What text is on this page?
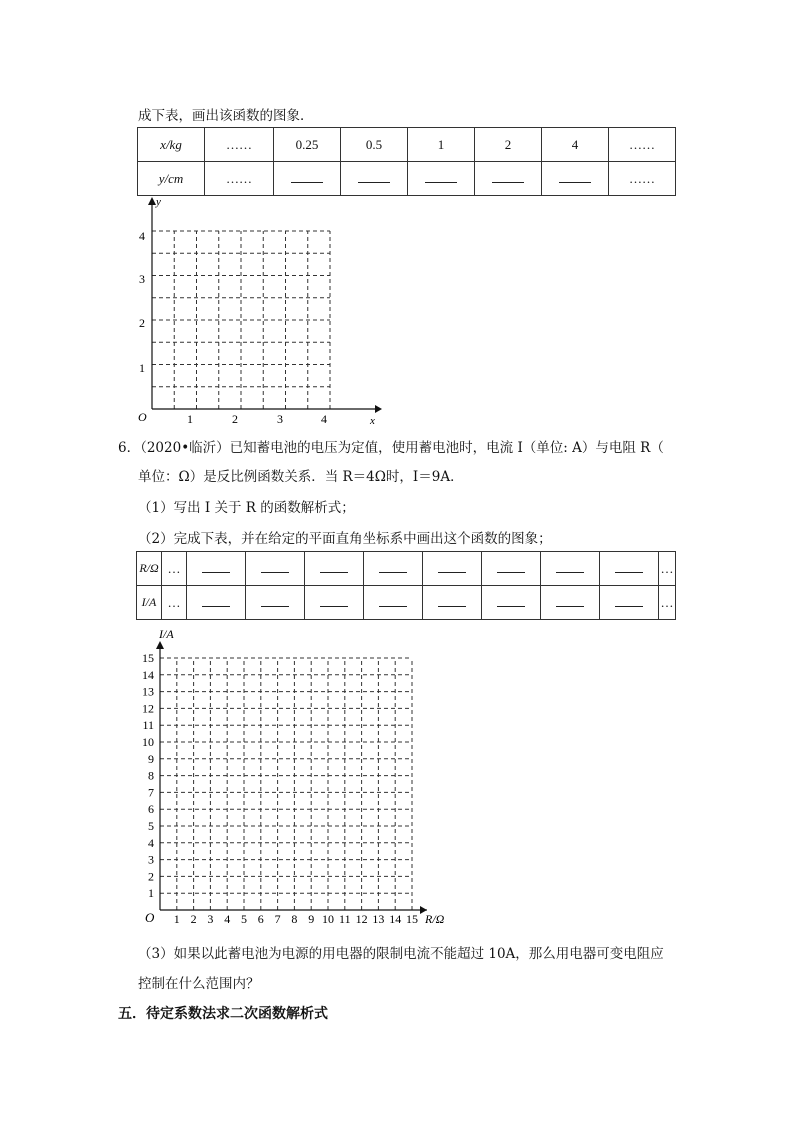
成下表，画出该函数的图象．
x/kg	……	0.25	0.5	1	2	4	……
y/cm	……						……
y
x
O	1	2	3	4
1
2
3
4
6．（2020•临沂）已知蓄电池的电压为定值，使用蓄电池时，电流 I（单位: A）与电阻 R（
单位：Ω）是反比例函数关系．当 R＝4Ω时，I＝9A．
（1）写出 I 关于 R 的函数解析式；
（2）完成下表，并在给定的平面直角坐标系中画出这个函数的图象；
R/Ω	…									…
I/A	…									…
I/A
R/Ω
O 1 2 3 4 5 6 7 8 9 10 11 12 13 14 15
1
2
3
4
5
6
7
8
9
10
11
12
13
14
15
（3）如果以此蓄电池为电源的用电器的限制电流不能超过 10A，那么用电器可变电阻应
控制在什么范围内？
五．待定系数法求二次函数解析式
